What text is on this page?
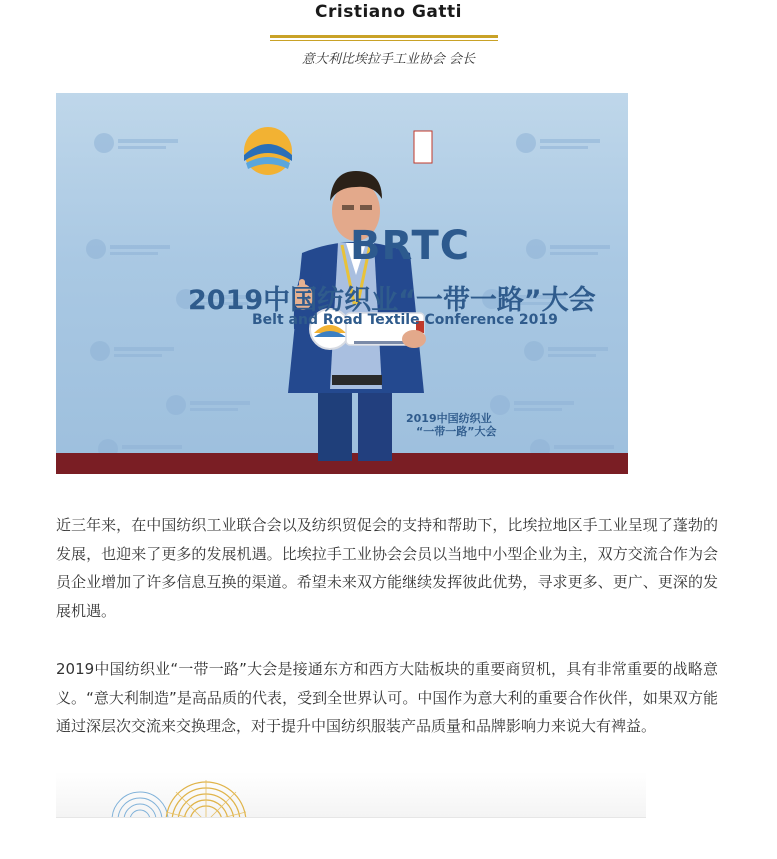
Cristiano Gatti
意大利比埃拉手工业协会 会长
BRTC
2019中国纺织业“一带一路”大会
Belt and Road Textile Conference 2019
2019中国纺织业
“一带一路”大会

近三年来，在中国纺织工业联合会以及纺织贸促会的支持和帮助下，比埃拉地区手工业呈现了蓬勃的发展，也迎来了更多的发展机遇。比埃拉手工业协会会员以当地中小型企业为主，双方交流合作为会员企业增加了许多信息互换的渠道。希望未来双方能继续发挥彼此优势，寻求更多、更广、更深的发展机遇。

2019中国纺织业“一带一路”大会是接通东方和西方大陆板块的重要商贸机，具有非常重要的战略意义。“意大利制造”是高品质的代表，受到全世界认可。中国作为意大利的重要合作伙伴，如果双方能通过深层次交流来交换理念，对于提升中国纺织服装产品质量和品牌影响力来说大有裨益。
